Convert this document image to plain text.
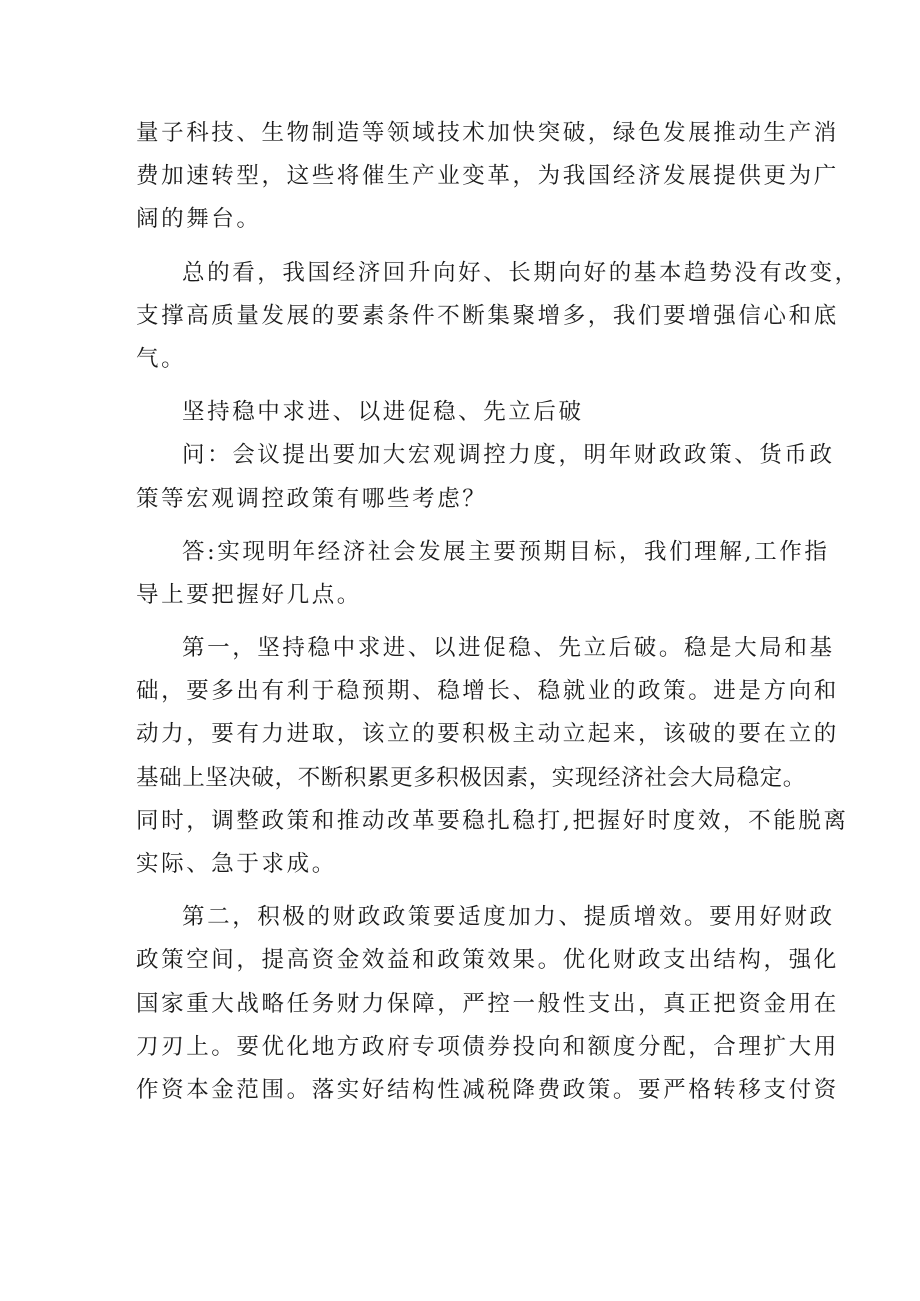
量子科技、生物制造等领域技术加快突破，绿色发展推动生产消
费加速转型，这些将催生产业变革，为我国经济发展提供更为广
阔的舞台。
总的看，我国经济回升向好、长期向好的基本趋势没有改变，
支撑高质量发展的要素条件不断集聚增多，我们要增强信心和底
气。
坚持稳中求进、以进促稳、先立后破
问：会议提出要加大宏观调控力度，明年财政政策、货币政
策等宏观调控政策有哪些考虑？
答:实现明年经济社会发展主要预期目标，我们理解,工作指
导上要把握好几点。
第一，坚持稳中求进、以进促稳、先立后破。稳是大局和基
础，要多出有利于稳预期、稳增长、稳就业的政策。进是方向和
动力，要有力进取，该立的要积极主动立起来，该破的要在立的
基础上坚决破，不断积累更多积极因素，实现经济社会大局稳定。
同时，调整政策和推动改革要稳扎稳打,把握好时度效，不能脱离
实际、急于求成。
第二，积极的财政政策要适度加力、提质增效。要用好财政
政策空间，提高资金效益和政策效果。优化财政支出结构，强化
国家重大战略任务财力保障，严控一般性支出，真正把资金用在
刀刃上。要优化地方政府专项债券投向和额度分配，合理扩大用
作资本金范围。落实好结构性减税降费政策。要严格转移支付资
